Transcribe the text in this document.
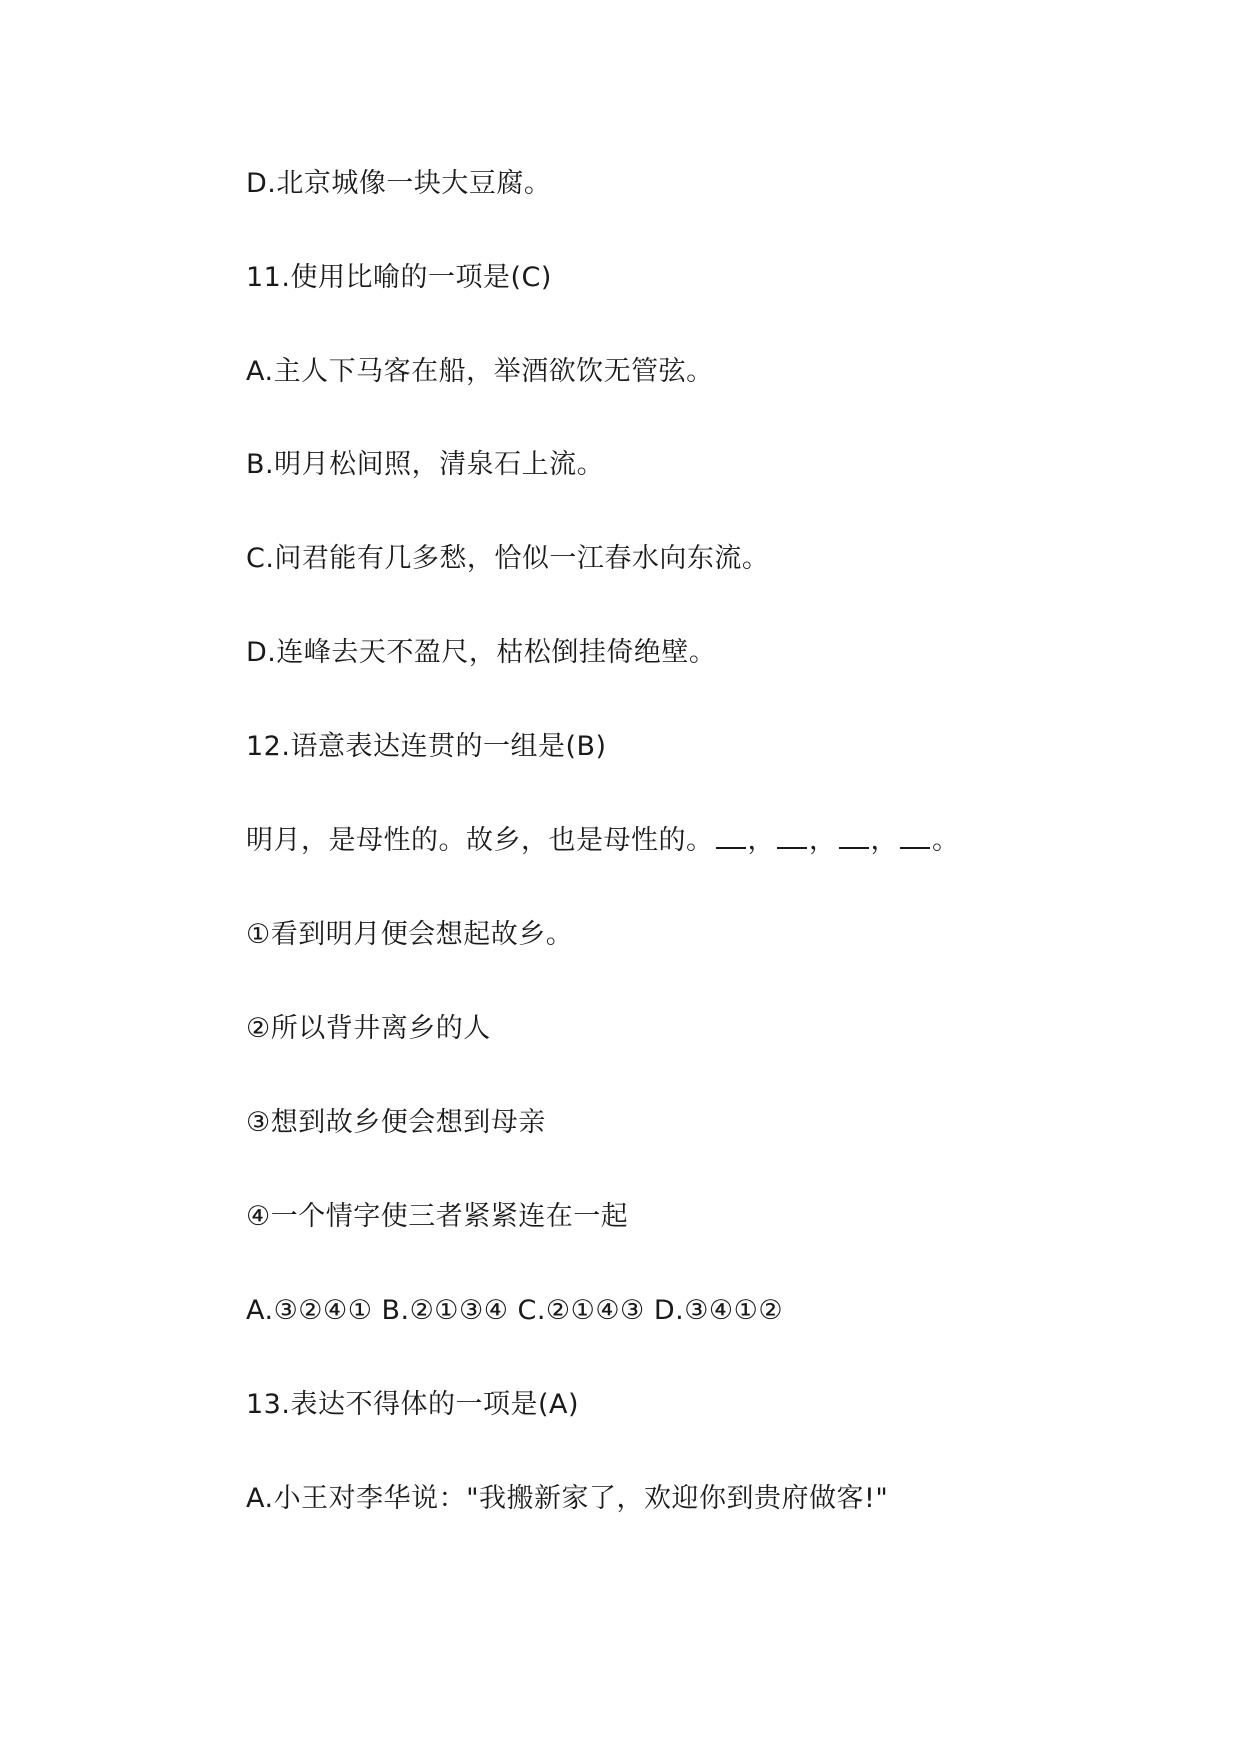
D.北京城像一块大豆腐。
11.使用比喻的一项是(C)
A.主人下马客在船，举酒欲饮无管弦。
B.明月松间照，清泉石上流。
C.问君能有几多愁，恰似一江春水向东流。
D.连峰去天不盈尺，枯松倒挂倚绝壁。
12.语意表达连贯的一组是(B)
明月，是母性的。故乡，也是母性的。 ， ， ， 。
①看到明月便会想起故乡。
②所以背井离乡的人
③想到故乡便会想到母亲
④一个情字使三者紧紧连在一起
A.③②④① B.②①③④ C.②①④③ D.③④①②
13.表达不得体的一项是(A)
A.小王对李华说："我搬新家了，欢迎你到贵府做客!"
